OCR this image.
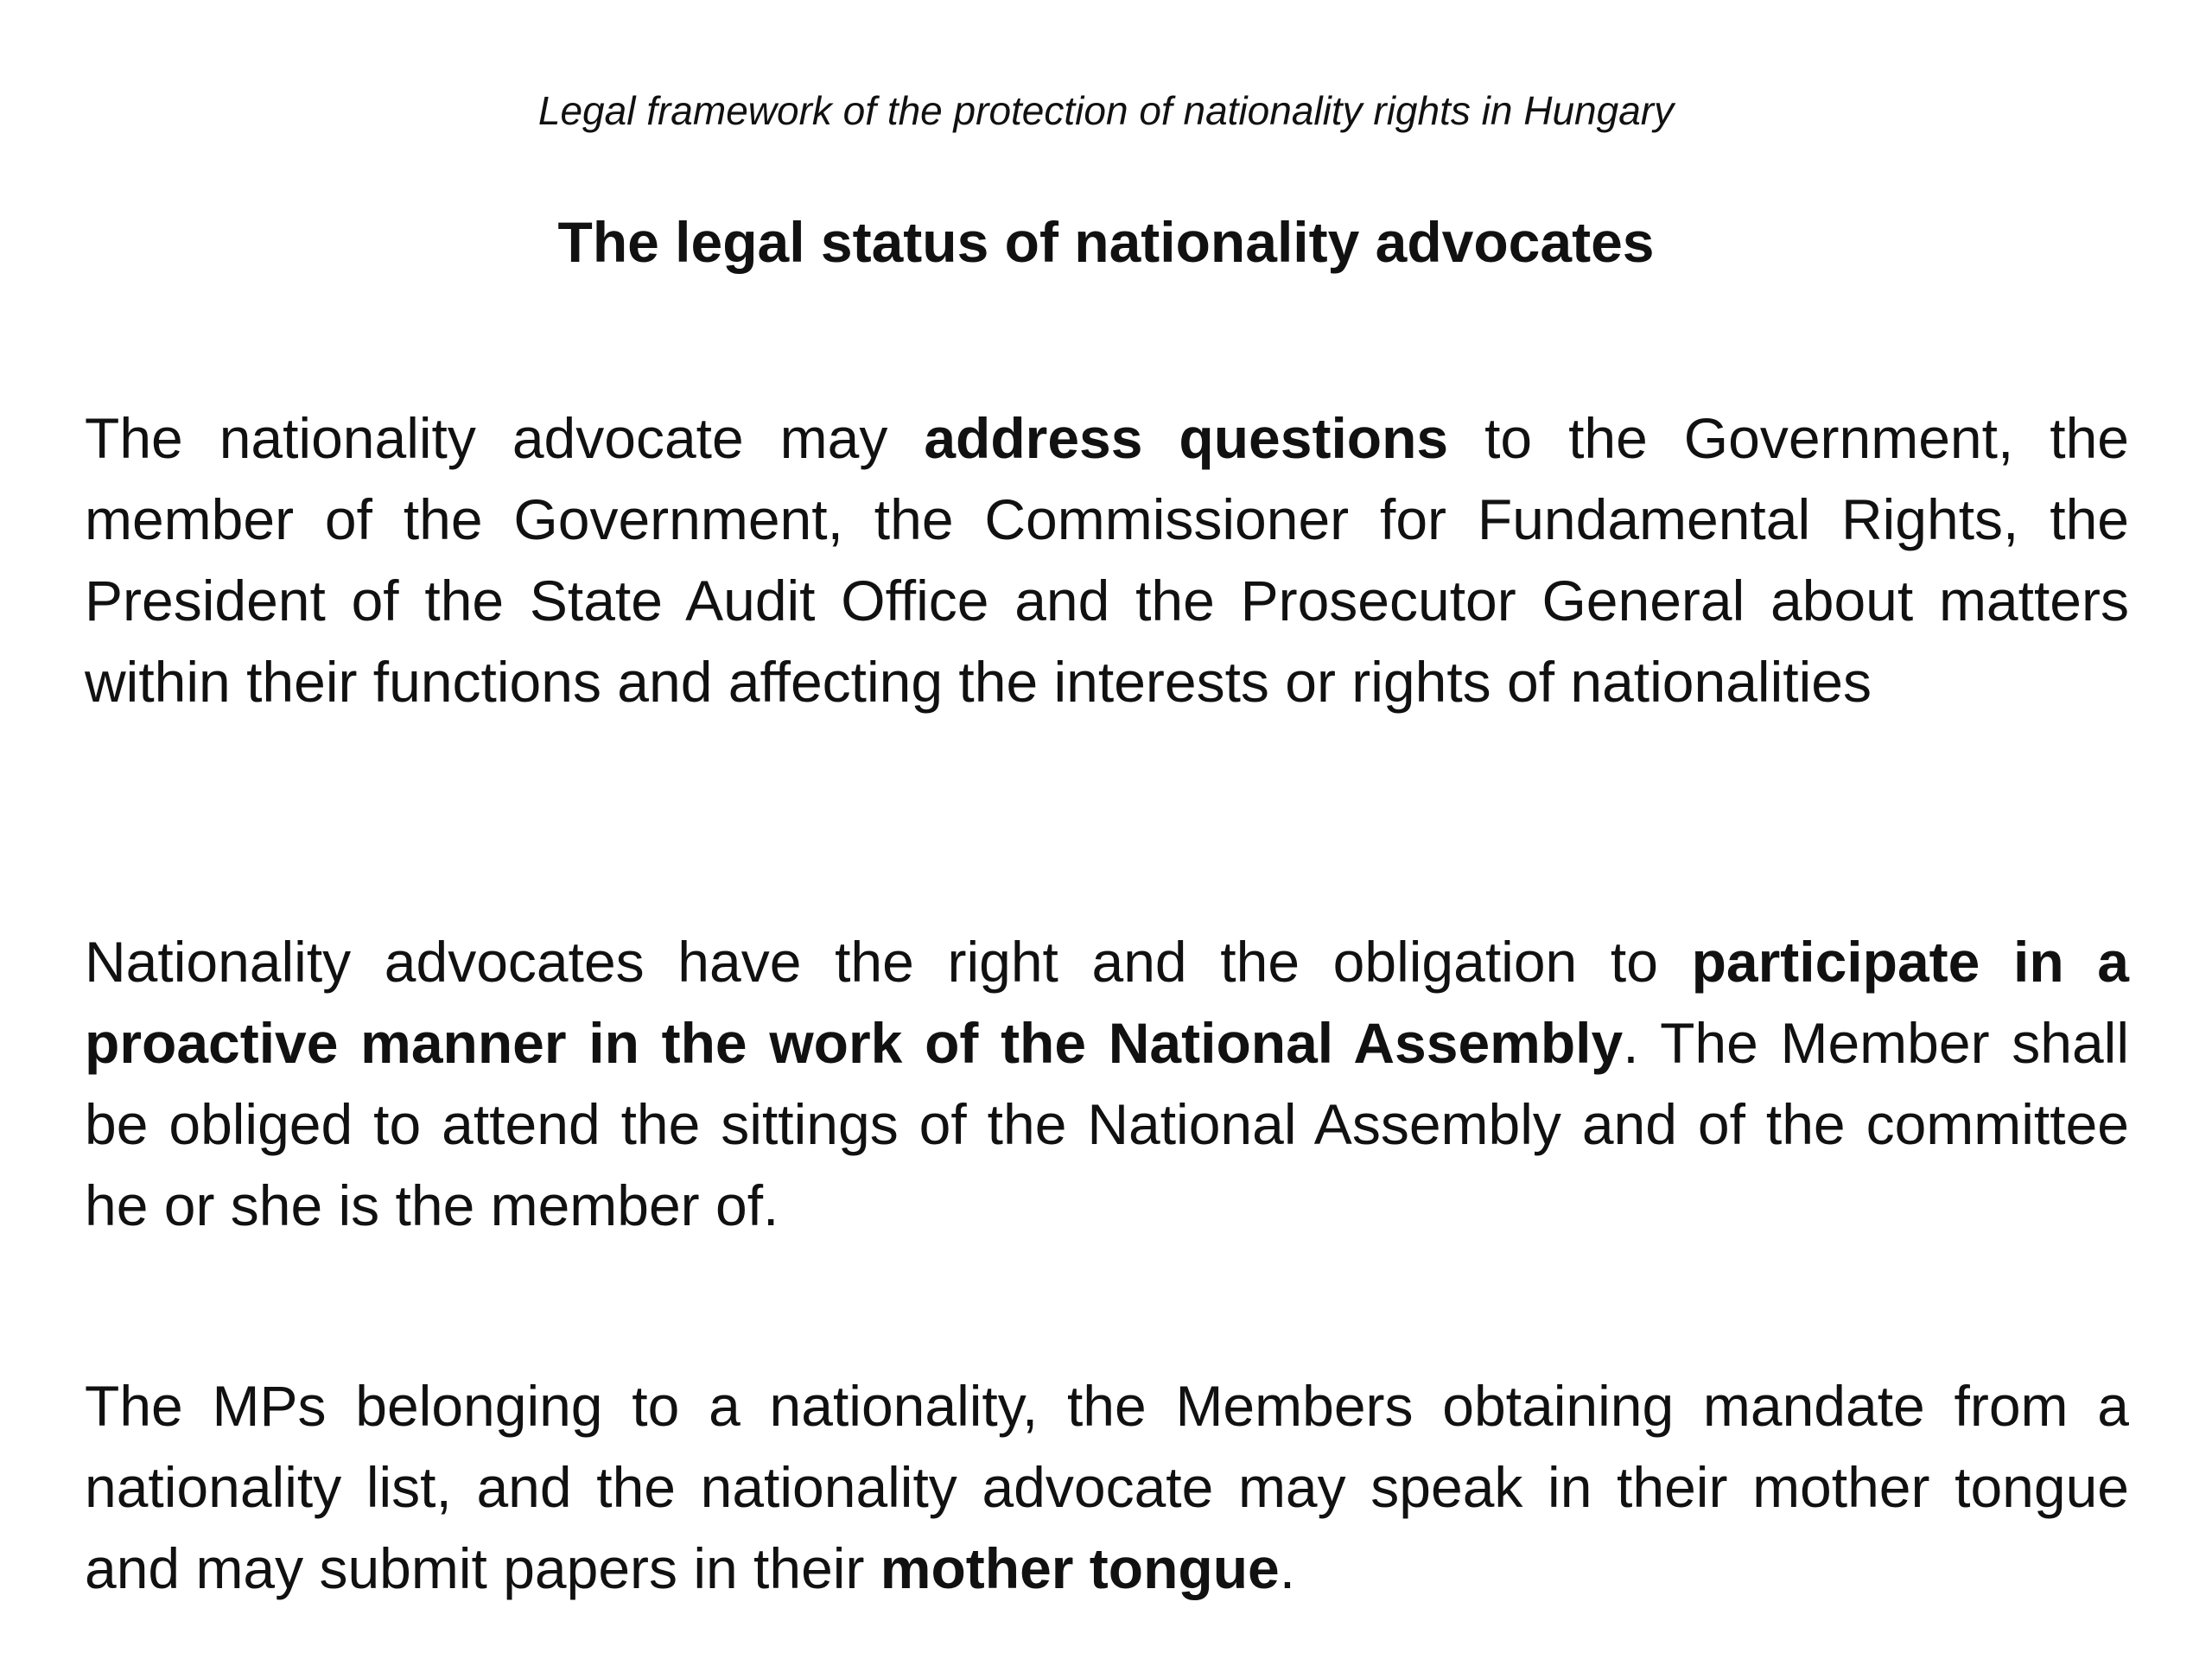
Legal framework of the protection of nationality rights in Hungary
The legal status of nationality advocates

The nationality advocate may address questions to the Government, the member of the Government, the Commissioner for Fundamental Rights, the President of the State Audit Office and the Prosecutor General about matters within their functions and affecting the interests or rights of nationalities

Nationality advocates have the right and the obligation to participate in a proactive manner in the work of the National Assembly. The Member shall be obliged to attend the sittings of the National Assembly and of the committee he or she is the member of.

The MPs belonging to a nationality, the Members obtaining mandate from a nationality list, and the nationality advocate may speak in their mother tongue and may submit papers in their mother tongue.
